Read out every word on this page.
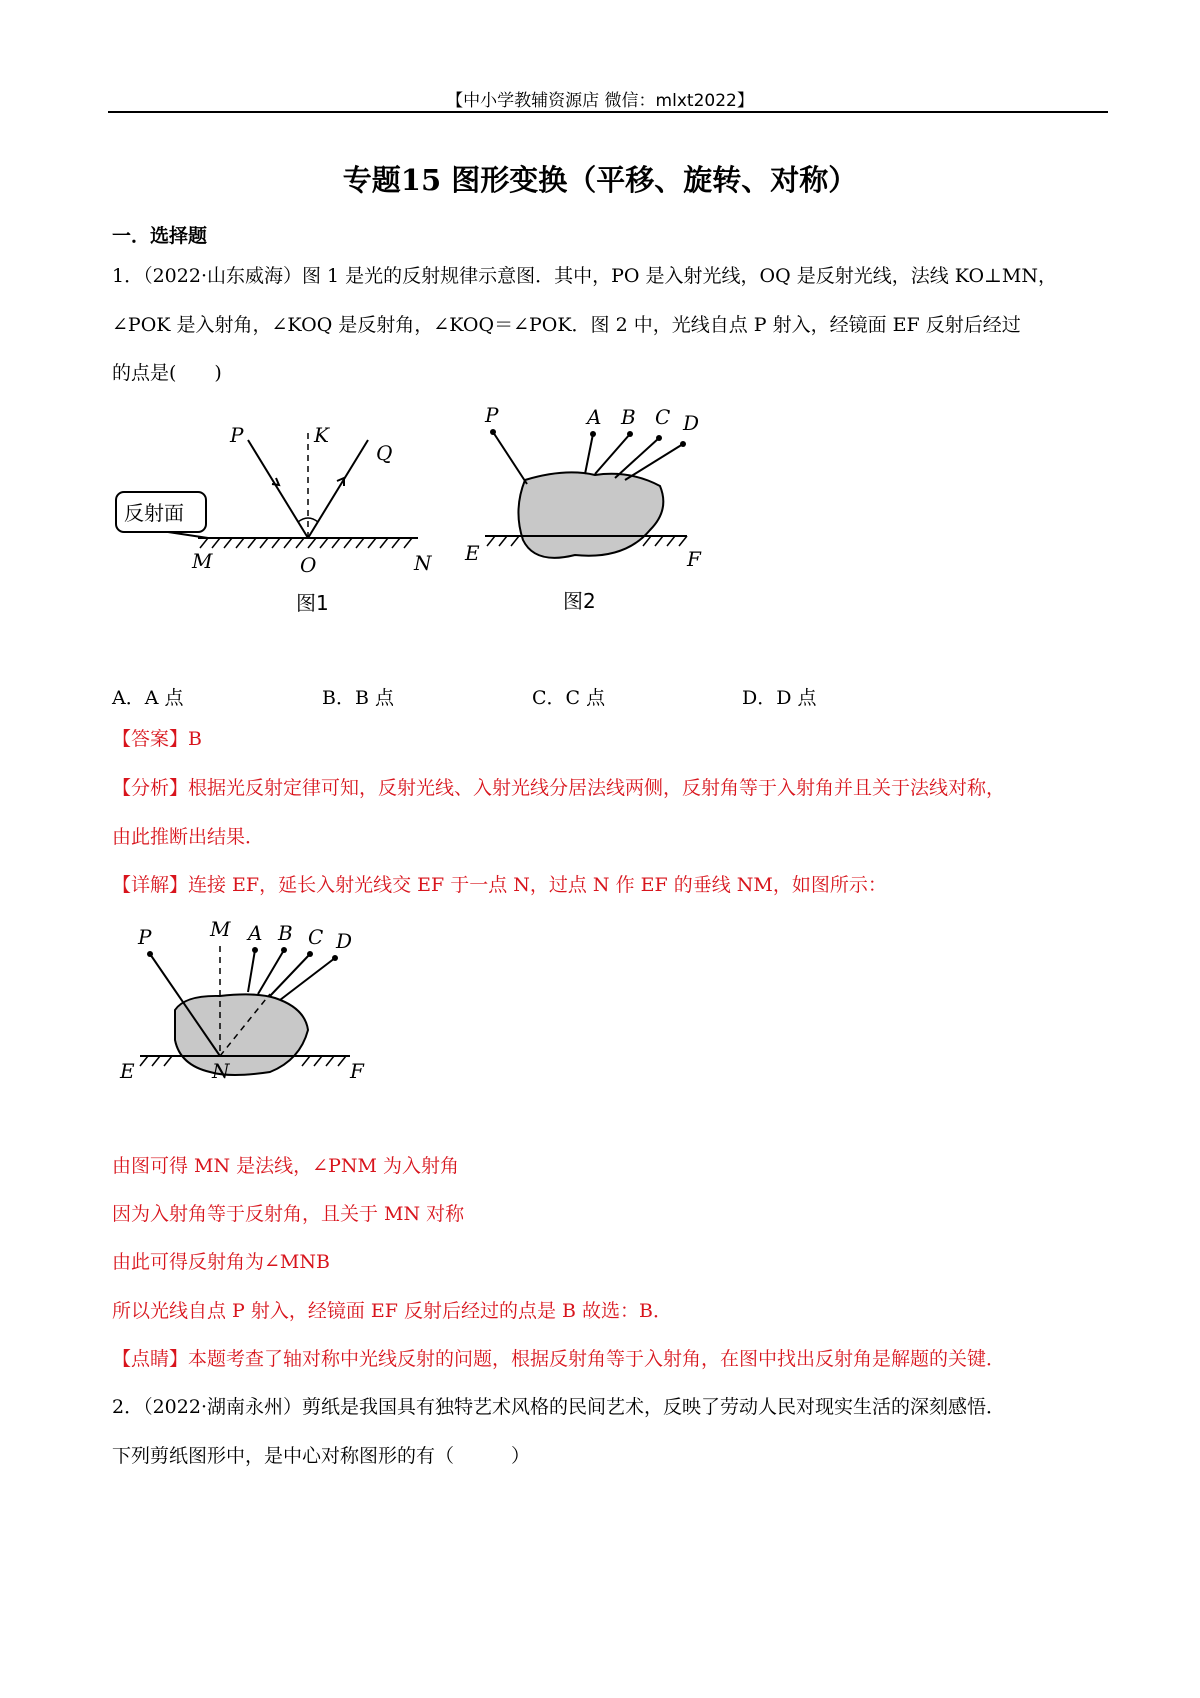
【中小学教辅资源店 微信：mlxt2022】
专题15 图形变换（平移、旋转、对称）
一．选择题
1．（2022·山东威海）图 1 是光的反射规律示意图．其中，PO 是入射光线，OQ 是反射光线，法线 KO⊥MN，
∠POK 是入射角，∠KOQ 是反射角，∠KOQ＝∠POK．图 2 中，光线自点 P 射入，经镜面 EF 反射后经过
的点是(　　)
反射面
P	K
Q
M	O	N
图1
P	A B C D
E	F
图2
A．A 点	B．B 点	C．C 点	D．D 点
【答案】B
【分析】根据光反射定律可知，反射光线、入射光线分居法线两侧，反射角等于入射角并且关于法线对称，
由此推断出结果．
【详解】连接 EF，延长入射光线交 EF 于一点 N，过点 N 作 EF 的垂线 NM，如图所示：
P	M A B C D
E	N	F
由图可得 MN 是法线，∠PNM 为入射角
因为入射角等于反射角，且关于 MN 对称
由此可得反射角为∠MNB
所以光线自点 P 射入，经镜面 EF 反射后经过的点是 B 故选：B．
【点睛】本题考查了轴对称中光线反射的问题，根据反射角等于入射角，在图中找出反射角是解题的关键．
2．（2022·湖南永州）剪纸是我国具有独特艺术风格的民间艺术，反映了劳动人民对现实生活的深刻感悟．
下列剪纸图形中，是中心对称图形的有（　　　）
